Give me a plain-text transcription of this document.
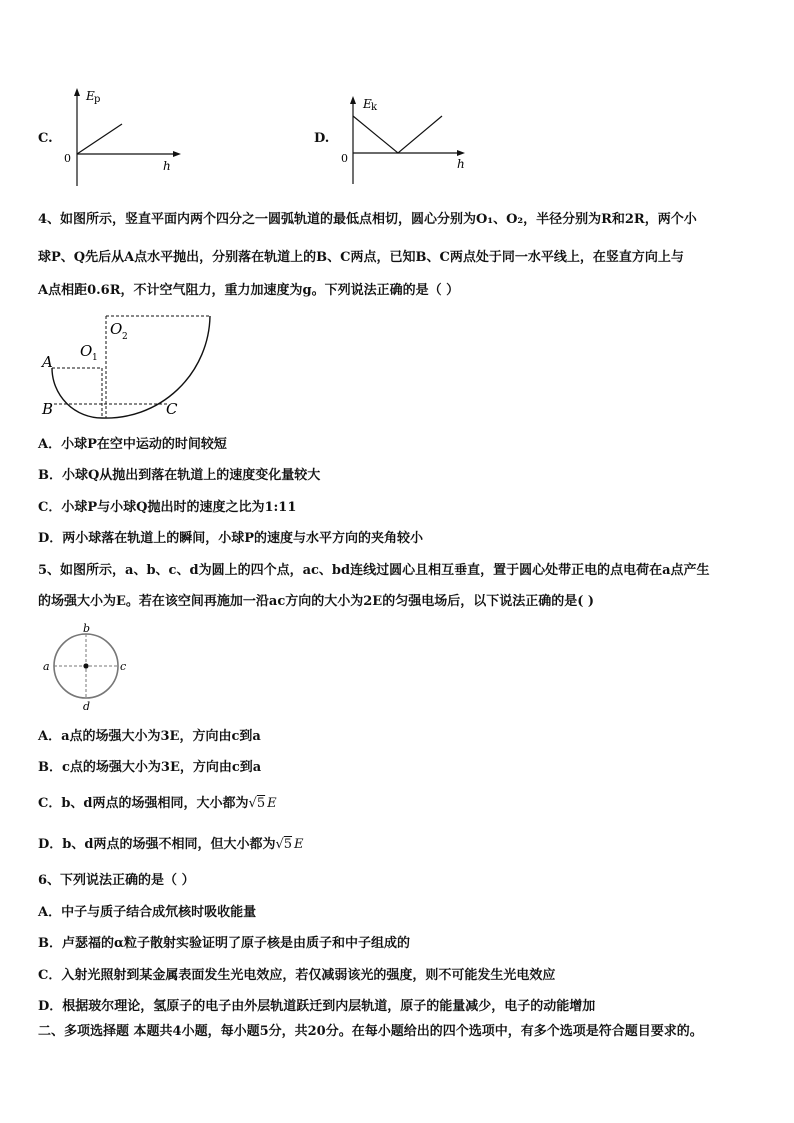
C.
E p
0
h
D.
E k
0	h
4、如图所示，竖直平面内两个四分之一圆弧轨道的最低点相切，圆心分别为O₁、O₂，半径分别为R和2R，两个小
球P、Q先后从A点水平抛出，分别落在轨道上的B、C两点，已知B、C两点处于同一水平线上，在竖直方向上与
A点相距0.6R，不计空气阻力，重力加速度为g。下列说法正确的是（ ）
A
B	C
O 1
O 2
A．小球P在空中运动的时间较短
B．小球Q从抛出到落在轨道上的速度变化量较大
C．小球P与小球Q抛出时的速度之比为1:11
D．两小球落在轨道上的瞬间，小球P的速度与水平方向的夹角较小
5、如图所示，a、b、c、d为圆上的四个点，ac、bd连线过圆心且相互垂直，置于圆心处带正电的点电荷在a点产生
的场强大小为E。若在该空间再施加一沿ac方向的大小为2E的匀强电场后，以下说法正确的是( )
a
b
c
d
A．a点的场强大小为3E，方向由c到a
B．c点的场强大小为3E，方向由c到a
C．b、d两点的场强相同，大小都为√5 E
D．b、d两点的场强不相同，但大小都为√5 E
6、下列说法正确的是（ ）
A．中子与质子结合成氘核时吸收能量
B．卢瑟福的α粒子散射实验证明了原子核是由质子和中子组成的
C．入射光照射到某金属表面发生光电效应，若仅减弱该光的强度，则不可能发生光电效应
D．根据玻尔理论，氢原子的电子由外层轨道跃迁到内层轨道，原子的能量减少，电子的动能增加
二、多项选择题 本题共4小题，每小题5分，共20分。在每小题给出的四个选项中，有多个选项是符合题目要求的。
